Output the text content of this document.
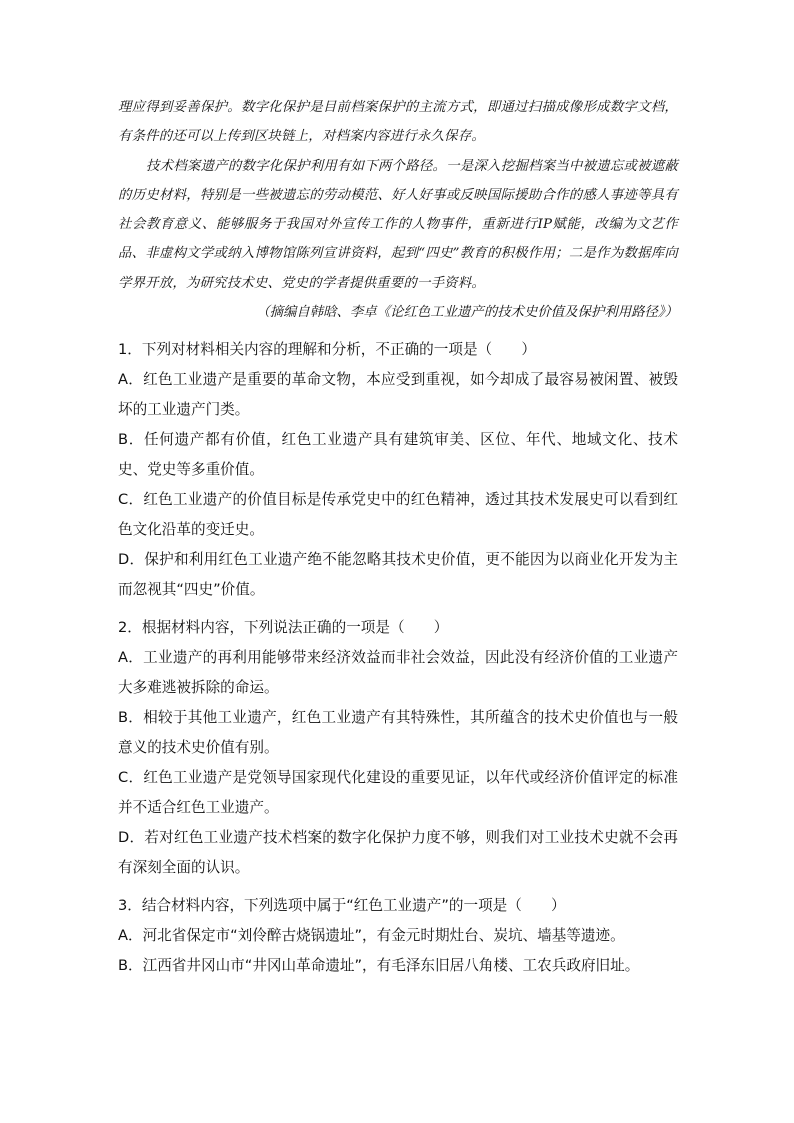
理应得到妥善保护。数字化保护是目前档案保护的主流方式，即通过扫描成像形成数字文档，有条件的还可以上传到区块链上，对档案内容进行永久保存。

技术档案遗产的数字化保护利用有如下两个路径。一是深入挖掘档案当中被遗忘或被遮蔽的历史材料，特别是一些被遗忘的劳动模范、好人好事或反映国际援助合作的感人事迹等具有社会教育意义、能够服务于我国对外宣传工作的人物事件，重新进行IP赋能，改编为文艺作品、非虚构文学或纳入博物馆陈列宣讲资料，起到“四史”教育的积极作用；二是作为数据库向学界开放，为研究技术史、党史的学者提供重要的一手资料。

（摘编自韩晗、李卓《论红色工业遗产的技术史价值及保护利用路径》）

1．下列对材料相关内容的理解和分析，不正确的一项是（　　）

A．红色工业遗产是重要的革命文物，本应受到重视，如今却成了最容易被闲置、被毁坏的工业遗产门类。

B．任何遗产都有价值，红色工业遗产具有建筑审美、区位、年代、地域文化、技术史、党史等多重价值。

C．红色工业遗产的价值目标是传承党史中的红色精神，透过其技术发展史可以看到红色文化沿革的变迁史。

D．保护和利用红色工业遗产绝不能忽略其技术史价值，更不能因为以商业化开发为主而忽视其“四史”价值。

2．根据材料内容，下列说法正确的一项是（　　）

A．工业遗产的再利用能够带来经济效益而非社会效益，因此没有经济价值的工业遗产大多难逃被拆除的命运。

B．相较于其他工业遗产，红色工业遗产有其特殊性，其所蕴含的技术史价值也与一般意义的技术史价值有别。

C．红色工业遗产是党领导国家现代化建设的重要见证，以年代或经济价值评定的标准并不适合红色工业遗产。

D．若对红色工业遗产技术档案的数字化保护力度不够，则我们对工业技术史就不会再有深刻全面的认识。

3．结合材料内容，下列选项中属于“红色工业遗产”的一项是（　　）

A．河北省保定市“刘伶醉古烧锅遗址”，有金元时期灶台、炭坑、墙基等遗迹。

B．江西省井冈山市“井冈山革命遗址”，有毛泽东旧居八角楼、工农兵政府旧址。
